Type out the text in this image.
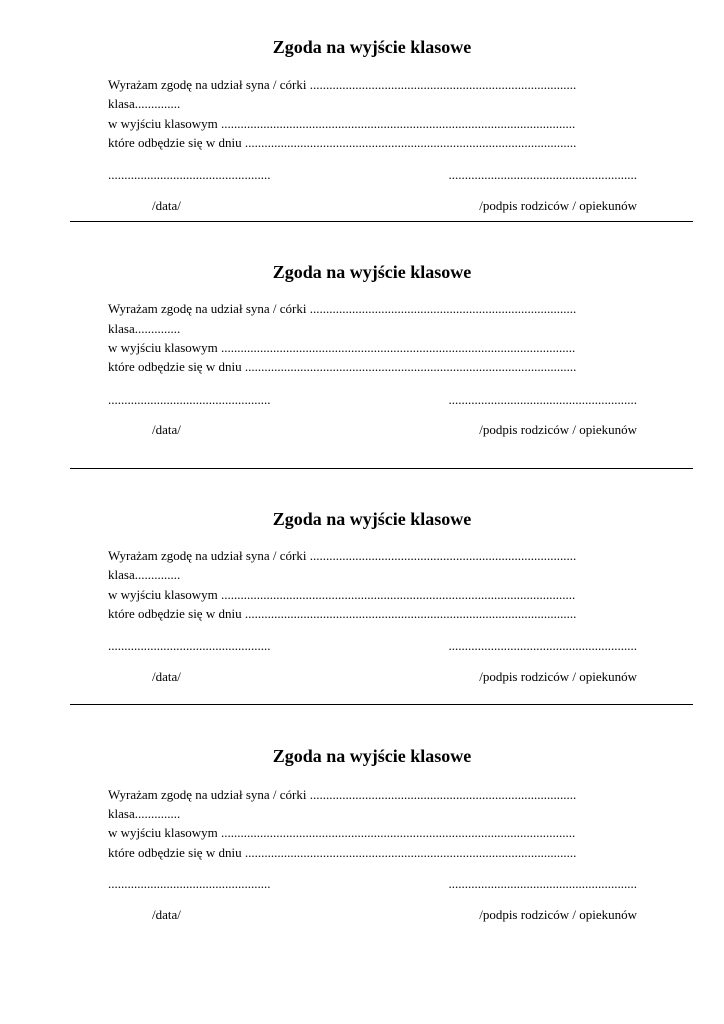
Zgoda na wyjście klasowe
Wyrażam zgodę na udział syna / córki ..................................................................................
klasa..............
w wyjściu klasowym .............................................................................................................
które odbędzie się w dniu ......................................................................................................
..................................................	..........................................................
/data/	/podpis rodziców / opiekunów
Zgoda na wyjście klasowe
Wyrażam zgodę na udział syna / córki ..................................................................................
klasa..............
w wyjściu klasowym .............................................................................................................
które odbędzie się w dniu ......................................................................................................
..................................................	..........................................................
/data/	/podpis rodziców / opiekunów
Zgoda na wyjście klasowe
Wyrażam zgodę na udział syna / córki ..................................................................................
klasa..............
w wyjściu klasowym .............................................................................................................
które odbędzie się w dniu ......................................................................................................
..................................................	..........................................................
/data/	/podpis rodziców / opiekunów
Zgoda na wyjście klasowe
Wyrażam zgodę na udział syna / córki ..................................................................................
klasa..............
w wyjściu klasowym .............................................................................................................
które odbędzie się w dniu ......................................................................................................
..................................................	..........................................................
/data/	/podpis rodziców / opiekunów
